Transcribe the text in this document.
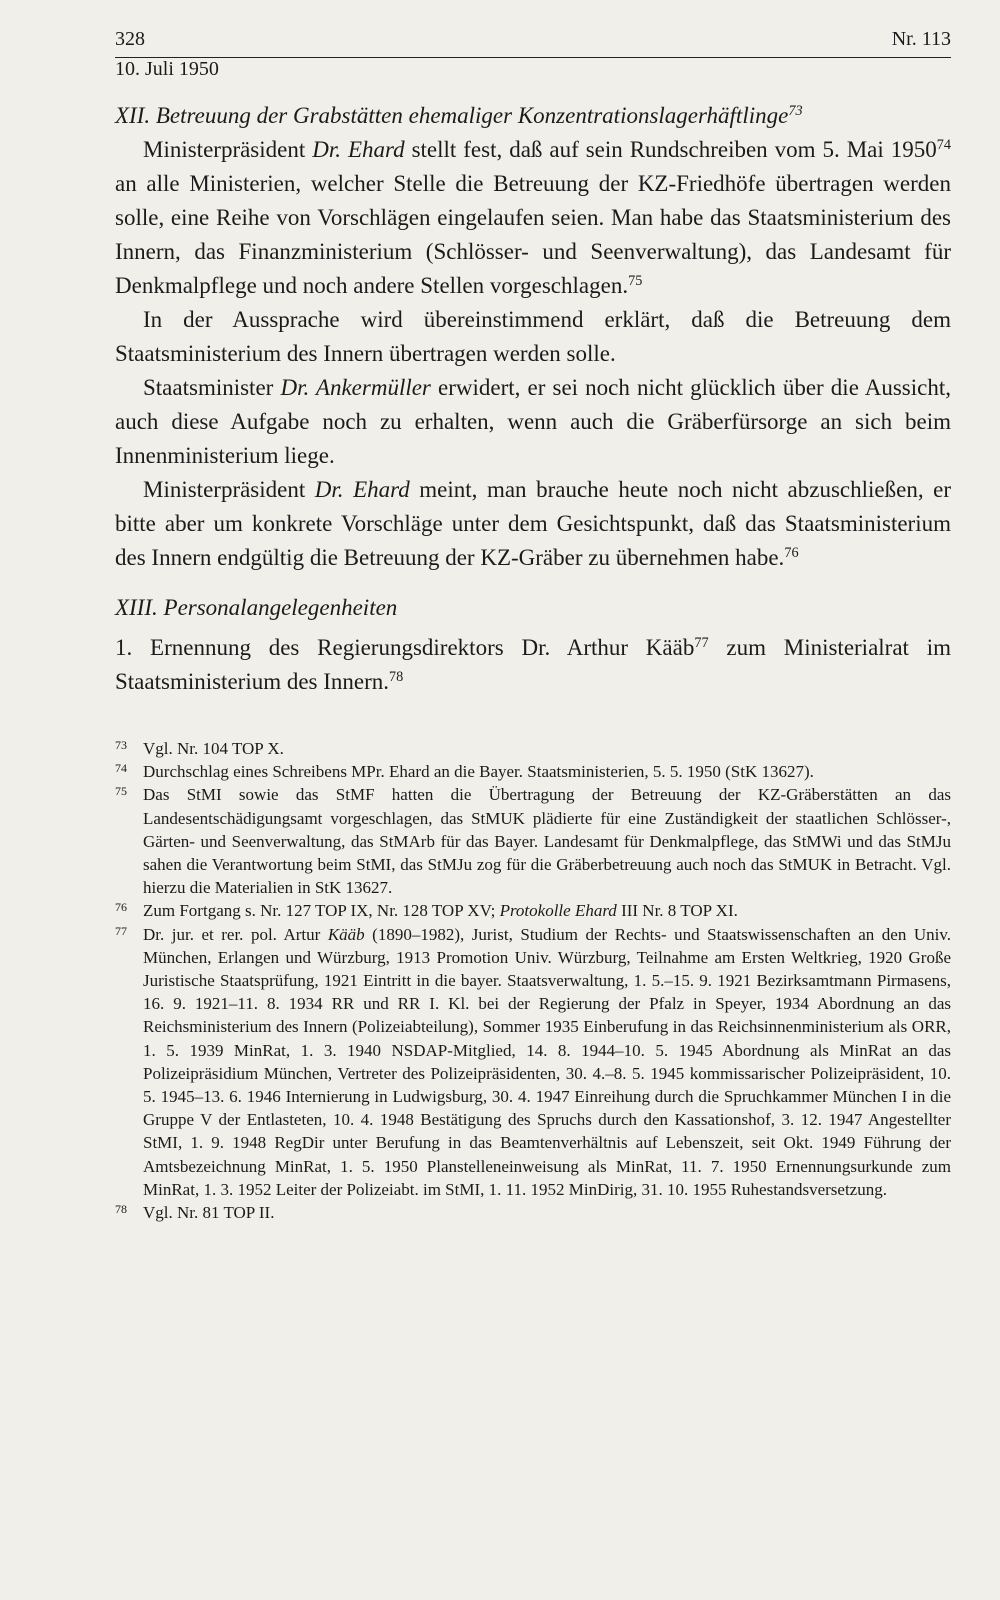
328	Nr. 113
10. Juli 1950

XII. Betreuung der Grabstätten ehemaliger Konzentrationslagerhäftlinge$^{73}$

Ministerpräsident Dr. Ehard stellt fest, daß auf sein Rundschreiben vom 5. Mai 1950$^{74}$ an alle Ministerien, welcher Stelle die Betreuung der KZ-Friedhöfe übertragen werden solle, eine Reihe von Vorschlägen eingelaufen seien. Man habe das Staatsministerium des Innern, das Finanzministerium (Schlösser- und Seenverwaltung), das Landesamt für Denkmalpflege und noch andere Stellen vorgeschlagen.$^{75}$

In der Aussprache wird übereinstimmend erklärt, daß die Betreuung dem Staatsministerium des Innern übertragen werden solle.

Staatsminister Dr. Ankermüller erwidert, er sei noch nicht glücklich über die Aussicht, auch diese Aufgabe noch zu erhalten, wenn auch die Gräberfürsorge an sich beim Innenministerium liege.

Ministerpräsident Dr. Ehard meint, man brauche heute noch nicht abzuschließen, er bitte aber um konkrete Vorschläge unter dem Gesichtspunkt, daß das Staatsministerium des Innern endgültig die Betreuung der KZ-Gräber zu übernehmen habe.$^{76}$

XIII. Personalangelegenheiten

1. Ernennung des Regierungsdirektors Dr. Arthur Kääb$^{77}$ zum Ministerialrat im Staatsministerium des Innern.$^{78}$

73 Vgl. Nr. 104 TOP X.
74 Durchschlag eines Schreibens MPr. Ehard an die Bayer. Staatsministerien, 5. 5. 1950 (StK 13627).
75 Das StMI sowie das StMF hatten die Übertragung der Betreuung der KZ-Gräberstätten an das Landesentschädigungsamt vorgeschlagen, das StMUK plädierte für eine Zuständigkeit der staatlichen Schlösser-, Gärten- und Seenverwaltung, das StMArb für das Bayer. Landesamt für Denkmalpflege, das StMWi und das StMJu sahen die Verantwortung beim StMI, das StMJu zog für die Gräberbetreuung auch noch das StMUK in Betracht. Vgl. hierzu die Materialien in StK 13627.
76 Zum Fortgang s. Nr. 127 TOP IX, Nr. 128 TOP XV; Protokolle Ehard III Nr. 8 TOP XI.
77 Dr. jur. et rer. pol. Artur Kääb (1890–1982), Jurist, Studium der Rechts- und Staatswissenschaften an den Univ. München, Erlangen und Würzburg, 1913 Promotion Univ. Würzburg, Teilnahme am Ersten Weltkrieg, 1920 Große Juristische Staatsprüfung, 1921 Eintritt in die bayer. Staatsverwaltung, 1. 5.–15. 9. 1921 Bezirksamtmann Pirmasens, 16. 9. 1921–11. 8. 1934 RR und RR I. Kl. bei der Regierung der Pfalz in Speyer, 1934 Abordnung an das Reichsministerium des Innern (Polizeiabteilung), Sommer 1935 Einberufung in das Reichsinnenministerium als ORR, 1. 5. 1939 MinRat, 1. 3. 1940 NSDAP-Mitglied, 14. 8. 1944–10. 5. 1945 Abordnung als MinRat an das Polizeipräsidium München, Vertreter des Polizeipräsidenten, 30. 4.–8. 5. 1945 kommissarischer Polizeipräsident, 10. 5. 1945–13. 6. 1946 Internierung in Ludwigsburg, 30. 4. 1947 Einreihung durch die Spruchkammer München I in die Gruppe V der Entlasteten, 10. 4. 1948 Bestätigung des Spruchs durch den Kassationshof, 3. 12. 1947 Angestellter StMI, 1. 9. 1948 RegDir unter Berufung in das Beamtenverhältnis auf Lebenszeit, seit Okt. 1949 Führung der Amtsbezeichnung MinRat, 1. 5. 1950 Planstelleneinweisung als MinRat, 11. 7. 1950 Ernennungsurkunde zum MinRat, 1. 3. 1952 Leiter der Polizeiabt. im StMI, 1. 11. 1952 MinDirig, 31. 10. 1955 Ruhestandsversetzung.
78 Vgl. Nr. 81 TOP II.
